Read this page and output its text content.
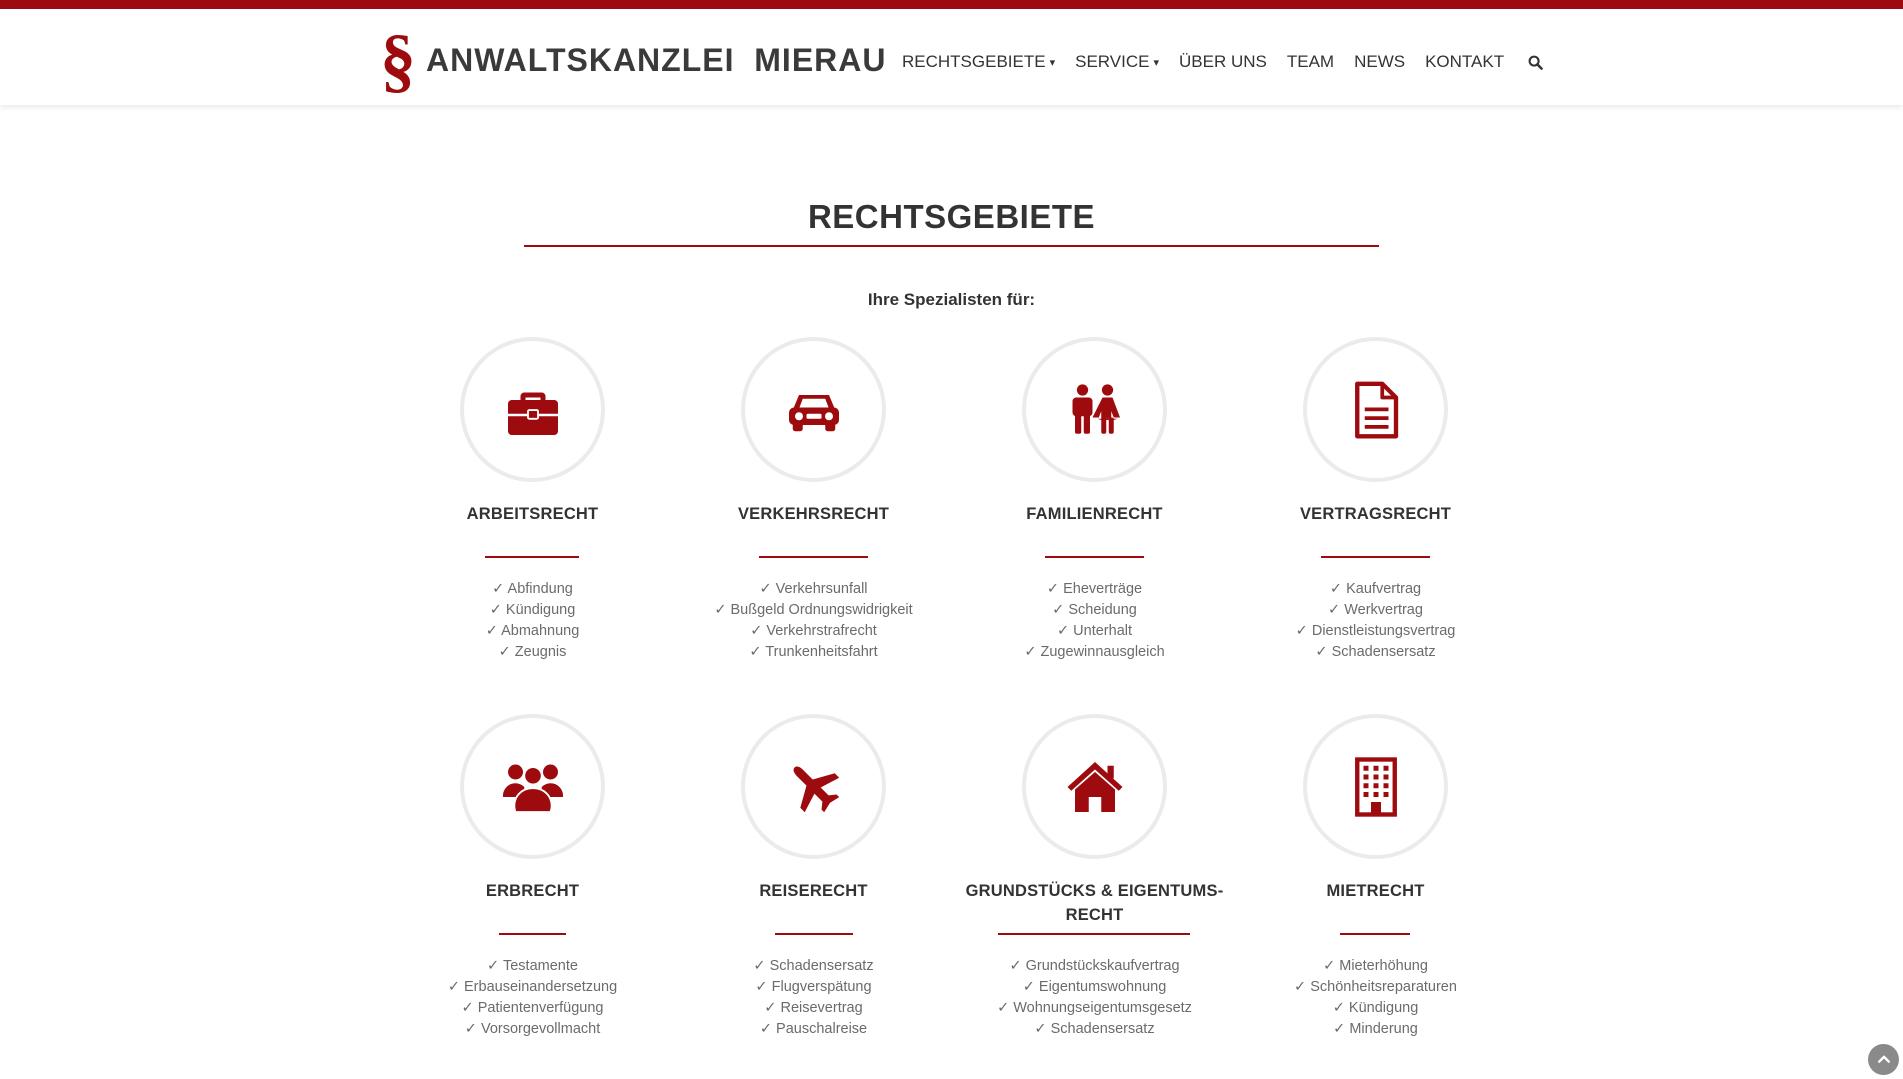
§ ANWALTSKANZLEI  MIERAU RECHTSGEBIETE ▾ SERVICE ▾ ÜBER UNS TEAM NEWS KONTAKT
RECHTSGEBIETE
Ihre Spezialisten für:
ARBEITSRECHT
✓ Abfindung
✓ Kündigung
✓ Abmahnung
✓ Zeugnis
VERKEHRSRECHT
✓ Verkehrsunfall
✓ Bußgeld Ordnungswidrigkeit
✓ Verkehrstrafrecht
✓ Trunkenheitsfahrt
FAMILIENRECHT
✓ Eheverträge
✓ Scheidung
✓ Unterhalt
✓ Zugewinnausgleich
VERTRAGSRECHT
✓ Kaufvertrag
✓ Werkvertrag
✓ Dienstleistungsvertrag
✓ Schadensersatz
ERBRECHT
✓ Testamente
✓ Erbauseinandersetzung
✓ Patientenverfügung
✓ Vorsorgevollmacht
REISERECHT
✓ Schadensersatz
✓ Flugverspätung
✓ Reisevertrag
✓ Pauschalreise
GRUNDSTÜCKS & EIGENTUMS-
RECHT
✓ Grundstückskaufvertrag
✓ Eigentumswohnung
✓ Wohnungseigentumsgesetz
✓ Schadensersatz
MIETRECHT
✓ Mieterhöhung
✓ Schönheitsreparaturen
✓ Kündigung
✓ Minderung
